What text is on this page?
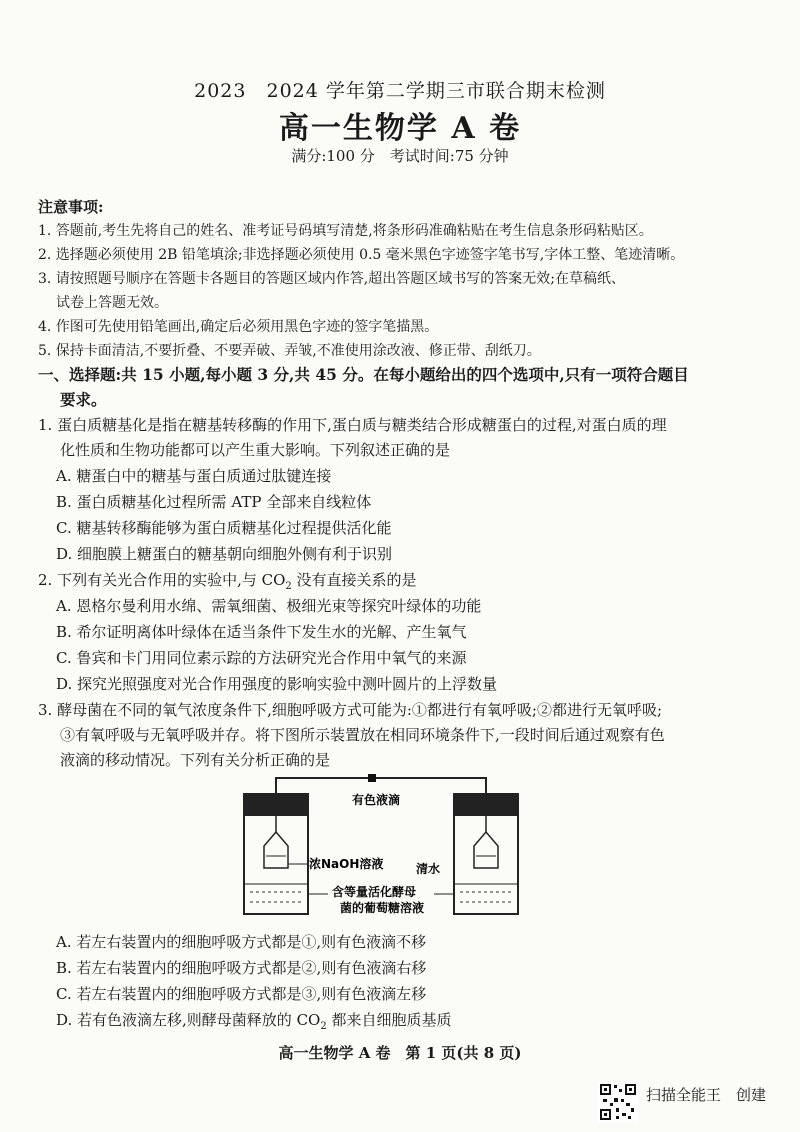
2023　2024 学年第二学期三市联合期末检测
高一生物学 A 卷
满分:100 分　考试时间:75 分钟
注意事项:
1. 答题前,考生先将自己的姓名、准考证号码填写清楚,将条形码准确粘贴在考生信息条形码粘贴区。
2. 选择题必须使用 2B 铅笔填涂;非选择题必须使用 0.5 毫米黑色字迹签字笔书写,字体工整、笔迹清晰。
3. 请按照题号顺序在答题卡各题目的答题区域内作答,超出答题区域书写的答案无效;在草稿纸、
试卷上答题无效。
4. 作图可先使用铅笔画出,确定后必须用黑色字迹的签字笔描黑。
5. 保持卡面清洁,不要折叠、不要弄破、弄皱,不准使用涂改液、修正带、刮纸刀。
一、选择题:共 15 小题,每小题 3 分,共 45 分。在每小题给出的四个选项中,只有一项符合题目
要求。
1. 蛋白质糖基化是指在糖基转移酶的作用下,蛋白质与糖类结合形成糖蛋白的过程,对蛋白质的理
化性质和生物功能都可以产生重大影响。下列叙述正确的是
A. 糖蛋白中的糖基与蛋白质通过肽键连接
B. 蛋白质糖基化过程所需 ATP 全部来自线粒体
C. 糖基转移酶能够为蛋白质糖基化过程提供活化能
D. 细胞膜上糖蛋白的糖基朝向细胞外侧有利于识别
2. 下列有关光合作用的实验中,与 $CO_2$ 没有直接关系的是
A. 恩格尔曼利用水绵、需氧细菌、极细光束等探究叶绿体的功能
B. 希尔证明离体叶绿体在适当条件下发生水的光解、产生氧气
C. 鲁宾和卡门用同位素示踪的方法研究光合作用中氧气的来源
D. 探究光照强度对光合作用强度的影响实验中测叶圆片的上浮数量
3. 酵母菌在不同的氧气浓度条件下,细胞呼吸方式可能为:①都进行有氧呼吸;②都进行无氧呼吸;
③有氧呼吸与无氧呼吸并存。将下图所示装置放在相同环境条件下,一段时间后通过观察有色
液滴的移动情况。下列有关分析正确的是
有色液滴
浓NaOH溶液	清水
含等量活化酵母
菌的葡萄糖溶液
A. 若左右装置内的细胞呼吸方式都是①,则有色液滴不移
B. 若左右装置内的细胞呼吸方式都是②,则有色液滴右移
C. 若左右装置内的细胞呼吸方式都是③,则有色液滴左移
D. 若有色液滴左移,则酵母菌释放的 $CO_2$ 都来自细胞质基质
高一生物学 A 卷　第 1 页(共 8 页)
扫描全能王　创建
